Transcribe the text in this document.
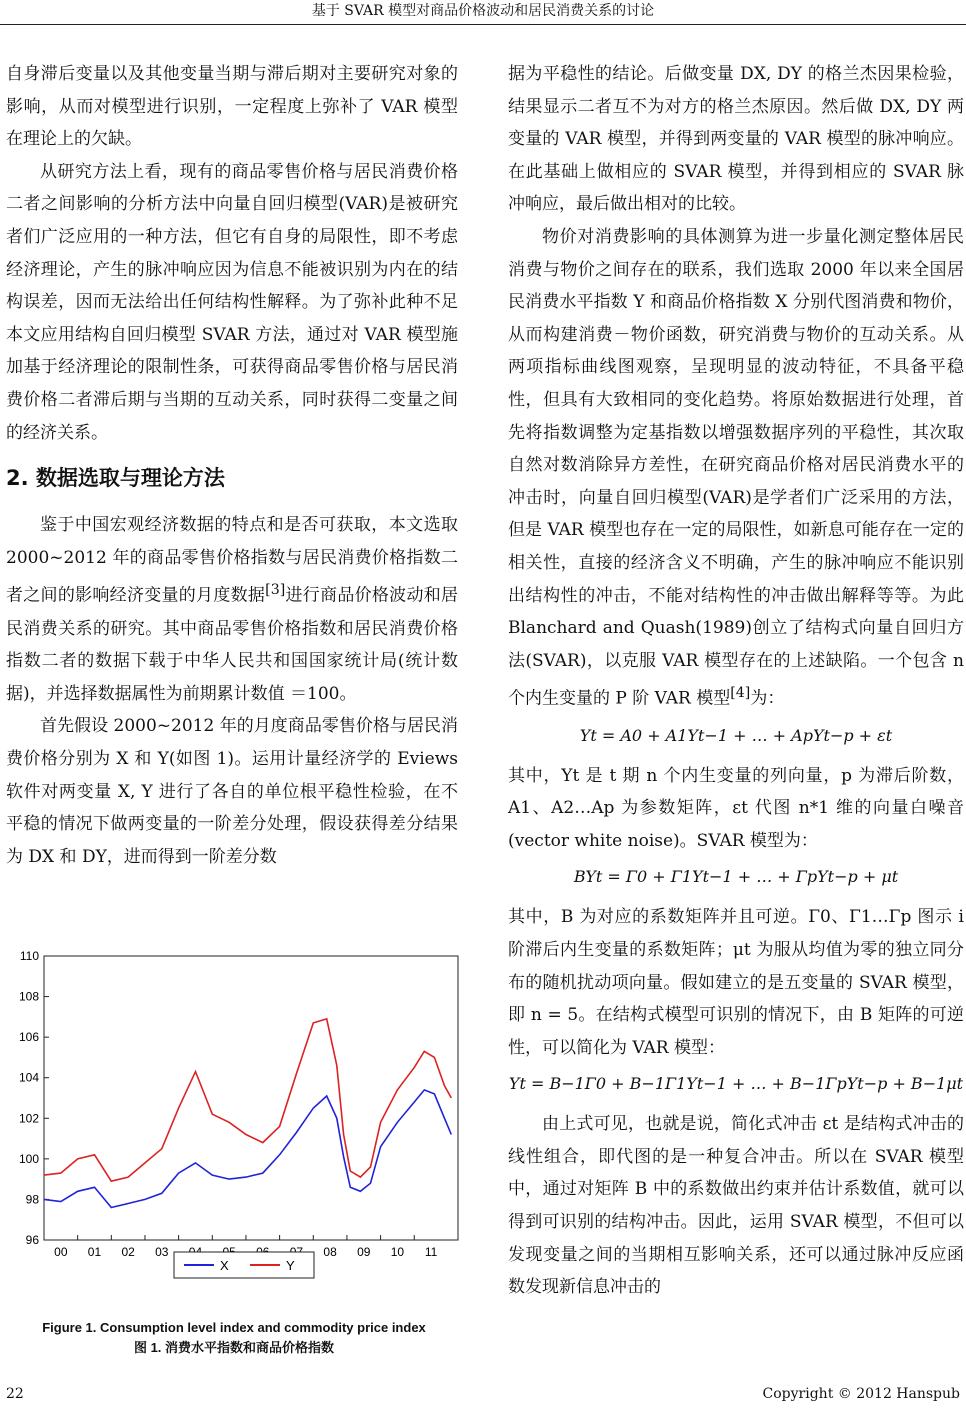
基于 SVAR 模型对商品价格波动和居民消费关系的讨论

自身滞后变量以及其他变量当期与滞后期对主要研究对象的影响，从而对模型进行识别，一定程度上弥补了 VAR 模型在理论上的欠缺。

从研究方法上看，现有的商品零售价格与居民消费价格二者之间影响的分析方法中向量自回归模型(VAR)是被研究者们广泛应用的一种方法，但它有自身的局限性，即不考虑经济理论，产生的脉冲响应因为信息不能被识别为内在的结构误差，因而无法给出任何结构性解释。为了弥补此种不足本文应用结构自回归模型 SVAR 方法，通过对 VAR 模型施加基于经济理论的限制性条，可获得商品零售价格与居民消费价格二者滞后期与当期的互动关系，同时获得二变量之间的经济关系。

2. 数据选取与理论方法

鉴于中国宏观经济数据的特点和是否可获取，本文选取 2000~2012 年的商品零售价格指数与居民消费价格指数二者之间的影响经济变量的月度数据[3]进行商品价格波动和居民消费关系的研究。其中商品零售价格指数和居民消费价格指数二者的数据下载于中华人民共和国国家统计局(统计数据)，并选择数据属性为前期累计数值 ＝100。

首先假设 2000~2012 年的月度商品零售价格与居民消费价格分别为 X 和 Y(如图 1)。运用计量经济学的 Eviews 软件对两变量 X, Y 进行了各自的单位根平稳性检验，在不平稳的情况下做两变量的一阶差分处理，假设获得差分结果为 DX 和 DY，进而得到一阶差分数

据为平稳性的结论。后做变量 DX, DY 的格兰杰因果检验，结果显示二者互不为对方的格兰杰原因。然后做 DX, DY 两变量的 VAR 模型，并得到两变量的 VAR 模型的脉冲响应。在此基础上做相应的 SVAR 模型，并得到相应的 SVAR 脉冲响应，最后做出相对的比较。

物价对消费影响的具体测算为进一步量化测定整体居民消费与物价之间存在的联系，我们选取 2000 年以来全国居民消费水平指数 Y 和商品价格指数 X 分别代图消费和物价，从而构建消费－物价函数，研究消费与物价的互动关系。从两项指标曲线图观察，呈现明显的波动特征，不具备平稳性，但具有大致相同的变化趋势。将原始数据进行处理，首先将指数调整为定基指数以增强数据序列的平稳性，其次取自然对数消除异方差性，在研究商品价格对居民消费水平的冲击时，向量自回归模型(VAR)是学者们广泛采用的方法，但是 VAR 模型也存在一定的局限性，如新息可能存在一定的相关性，直接的经济含义不明确，产生的脉冲响应不能识别出结构性的冲击，不能对结构性的冲击做出解释等等。为此 Blanchard and Quash(1989)创立了结构式向量自回归方法(SVAR)，以克服 VAR 模型存在的上述缺陷。一个包含 n 个内生变量的 P 阶 VAR 模型[4]为：

Yt = A0 + A1Yt−1 + … + ApYt−p + εt

其中，Yt 是 t 期 n 个内生变量的列向量，p 为滞后阶数，A1、A2…Ap 为参数矩阵，εt 代图 n*1 维的向量白噪音(vector white noise)。SVAR 模型为：

BYt = Γ0 + Γ1Yt−1 + … + ΓpYt−p + μt

其中，B 为对应的系数矩阵并且可逆。Γ0、Γ1…Γp 图示 i 阶滞后内生变量的系数矩阵；μt 为服从均值为零的独立同分布的随机扰动项向量。假如建立的是五变量的 SVAR 模型，即 n = 5。在结构式模型可识别的情况下，由 B 矩阵的可逆性，可以简化为 VAR 模型：

Yt = B−1Γ0 + B−1Γ1Yt−1 + … + B−1ΓpYt−p + B−1μt

由上式可见，也就是说，简化式冲击 εt 是结构式冲击的线性组合，即代图的是一种复合冲击。所以在 SVAR 模型中，通过对矩阵 B 中的系数做出约束并估计系数值，就可以得到可识别的结构冲击。因此，运用 SVAR 模型，不但可以发现变量之间的当期相互影响关系，还可以通过脉冲反应函数发现新信息冲击的

96
98
100
102
104
106
108
110
00 01 02 03	08 09 10 11
X	Y
Figure 1. Consumption level index and commodity price index
图 1. 消费水平指数和商品价格指数
22	Copyright © 2012 Hanspub
